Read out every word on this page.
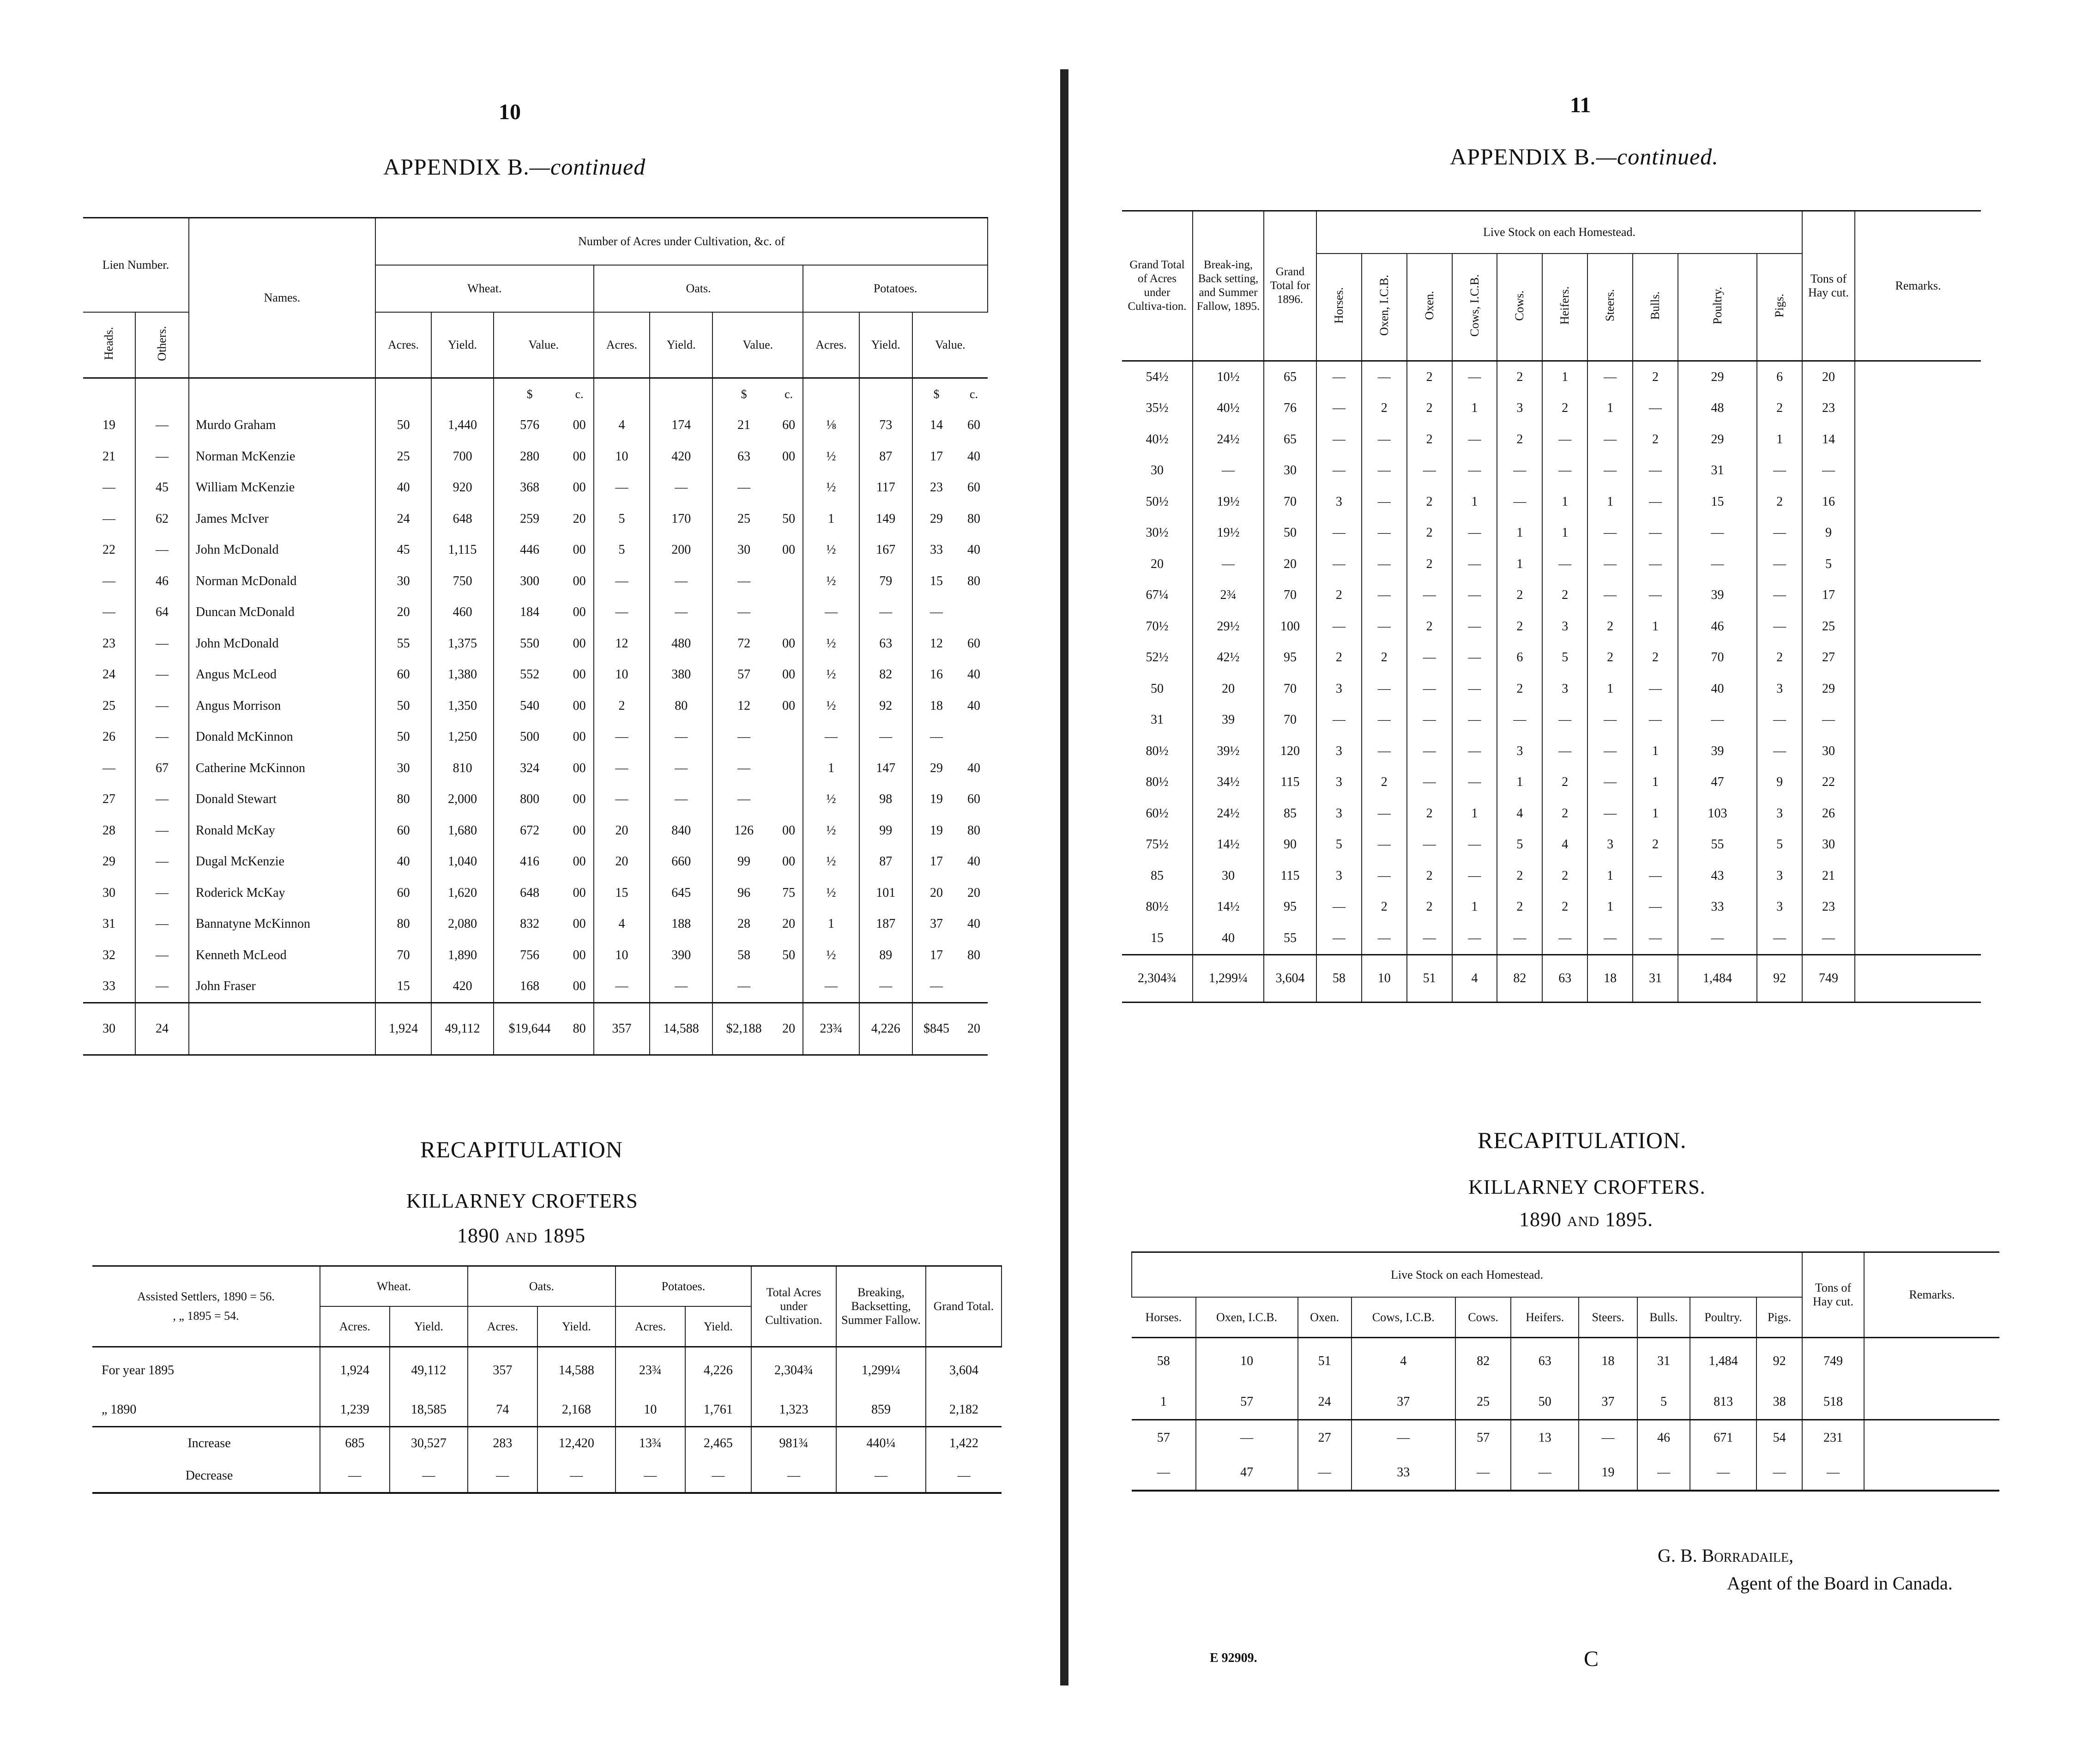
10
APPENDIX B.—continued
Lien Number.		Names.	Number of Acres under Cultivation, &c. of											
			Wheat.				Oats.				Potatoes.			
Heads.	Others.		Acres.	Yield.	Value.		Acres.	Yield.	Value.		Acres.	Yield.	Value.	
					$	c.			$	c.			$	c.
19	—	Murdo Graham	50	1,440	576	00	4	174	21	60	⅛	73	14	60
21	—	Norman McKenzie	25	700	280	00	10	420	63	00	½	87	17	40
—	45	William McKenzie	40	920	368	00	—	—	—		½	117	23	60
—	62	James McIver	24	648	259	20	5	170	25	50	1	149	29	80
22	—	John McDonald	45	1,115	446	00	5	200	30	00	½	167	33	40
—	46	Norman McDonald	30	750	300	00	—	—	—		½	79	15	80
—	64	Duncan McDonald	20	460	184	00	—	—	—		—	—	—	
23	—	John McDonald	55	1,375	550	00	12	480	72	00	½	63	12	60
24	—	Angus McLeod	60	1,380	552	00	10	380	57	00	½	82	16	40
25	—	Angus Morrison	50	1,350	540	00	2	80	12	00	½	92	18	40
26	—	Donald McKinnon	50	1,250	500	00	—	—	—		—	—	—	
—	67	Catherine McKinnon	30	810	324	00	—	—	—		1	147	29	40
27	—	Donald Stewart	80	2,000	800	00	—	—	—		½	98	19	60
28	—	Ronald McKay	60	1,680	672	00	20	840	126	00	½	99	19	80
29	—	Dugal McKenzie	40	1,040	416	00	20	660	99	00	½	87	17	40
30	—	Roderick McKay	60	1,620	648	00	15	645	96	75	½	101	20	20
31	—	Bannatyne McKinnon	80	2,080	832	00	4	188	28	20	1	187	37	40
32	—	Kenneth McLeod	70	1,890	756	00	10	390	58	50	½	89	17	80
33	—	John Fraser	15	420	168	00	—	—	—		—	—	—	
30	24		1,924	49,112	$19,644	80	357	14,588	$2,188	20	23¾	4,226	$845	20
RECAPITULATION
KILLARNEY CROFTERS
1890 and 1895
Assisted Settlers, 1890 = 56.
, „ 1895 = 54.	Wheat.		Oats.		Potatoes.		Total Acres under Cultivation.	Breaking, Backsetting, Summer Fallow.	Grand Total.
	Acres.	Yield.	Acres.	Yield.	Acres.	Yield.			
For year 1895	1,924	49,112	357	14,588	23¾	4,226	2,304¾	1,299¼	3,604
„ 1890	1,239	18,585	74	2,168	10	1,761	1,323	859	2,182
Increase	685	30,527	283	12,420	13¾	2,465	981¾	440¼	1,422
Decrease	—	—	—	—	—	—	—	—	—
11
APPENDIX B.—continued.
Grand Total of Acres under Cultiva-tion.	Break-ing, Back setting, and Summer Fallow, 1895.	Grand Total for 1896.	Live Stock on each Homestead.										Tons of Hay cut.	Remarks.
			Horses.	Oxen, I.C.B.	Oxen.	Cows, I.C.B.	Cows.	Heifers.	Steers.	Bulls.	Poultry.	Pigs.		
54½	10½	65	—	—	2	—	2	1	—	2	29	6	20	
35½	40½	76	—	2	2	1	3	2	1	—	48	2	23	
40½	24½	65	—	—	2	—	2	—	—	2	29	1	14	
30	—	30	—	—	—	—	—	—	—	—	31	—	—	
50½	19½	70	3	—	2	1	—	1	1	—	15	2	16	
30½	19½	50	—	—	2	—	1	1	—	—	—	—	9	
20	—	20	—	—	2	—	1	—	—	—	—	—	5	
67¼	2¾	70	2	—	—	—	2	2	—	—	39	—	17	
70½	29½	100	—	—	2	—	2	3	2	1	46	—	25	
52½	42½	95	2	2	—	—	6	5	2	2	70	2	27	
50	20	70	3	—	—	—	2	3	1	—	40	3	29	
31	39	70	—	—	—	—	—	—	—	—	—	—	—	
80½	39½	120	3	—	—	—	3	—	—	1	39	—	30	
80½	34½	115	3	2	—	—	1	2	—	1	47	9	22	
60½	24½	85	3	—	2	1	4	2	—	1	103	3	26	
75½	14½	90	5	—	—	—	5	4	3	2	55	5	30	
85	30	115	3	—	2	—	2	2	1	—	43	3	21	
80½	14½	95	—	2	2	1	2	2	1	—	33	3	23	
15	40	55	—	—	—	—	—	—	—	—	—	—	—	
2,304¾	1,299¼	3,604	58	10	51	4	82	63	18	31	1,484	92	749	
RECAPITULATION.
KILLARNEY CROFTERS.
1890 and 1895.
Live Stock on each Homestead.										Tons of Hay cut.	Remarks.
Horses.	Oxen, I.C.B.	Oxen.	Cows, I.C.B.	Cows.	Heifers.	Steers.	Bulls.	Poultry.	Pigs.		
58	10	51	4	82	63	18	31	1,484	92	749	
1	57	24	37	25	50	37	5	813	38	518	
57	—	27	—	57	13	—	46	671	54	231	
—	47	—	33	—	—	19	—	—	—	—	
G. B. Borradaile,
Agent of the Board in Canada.
E 92909.	C
